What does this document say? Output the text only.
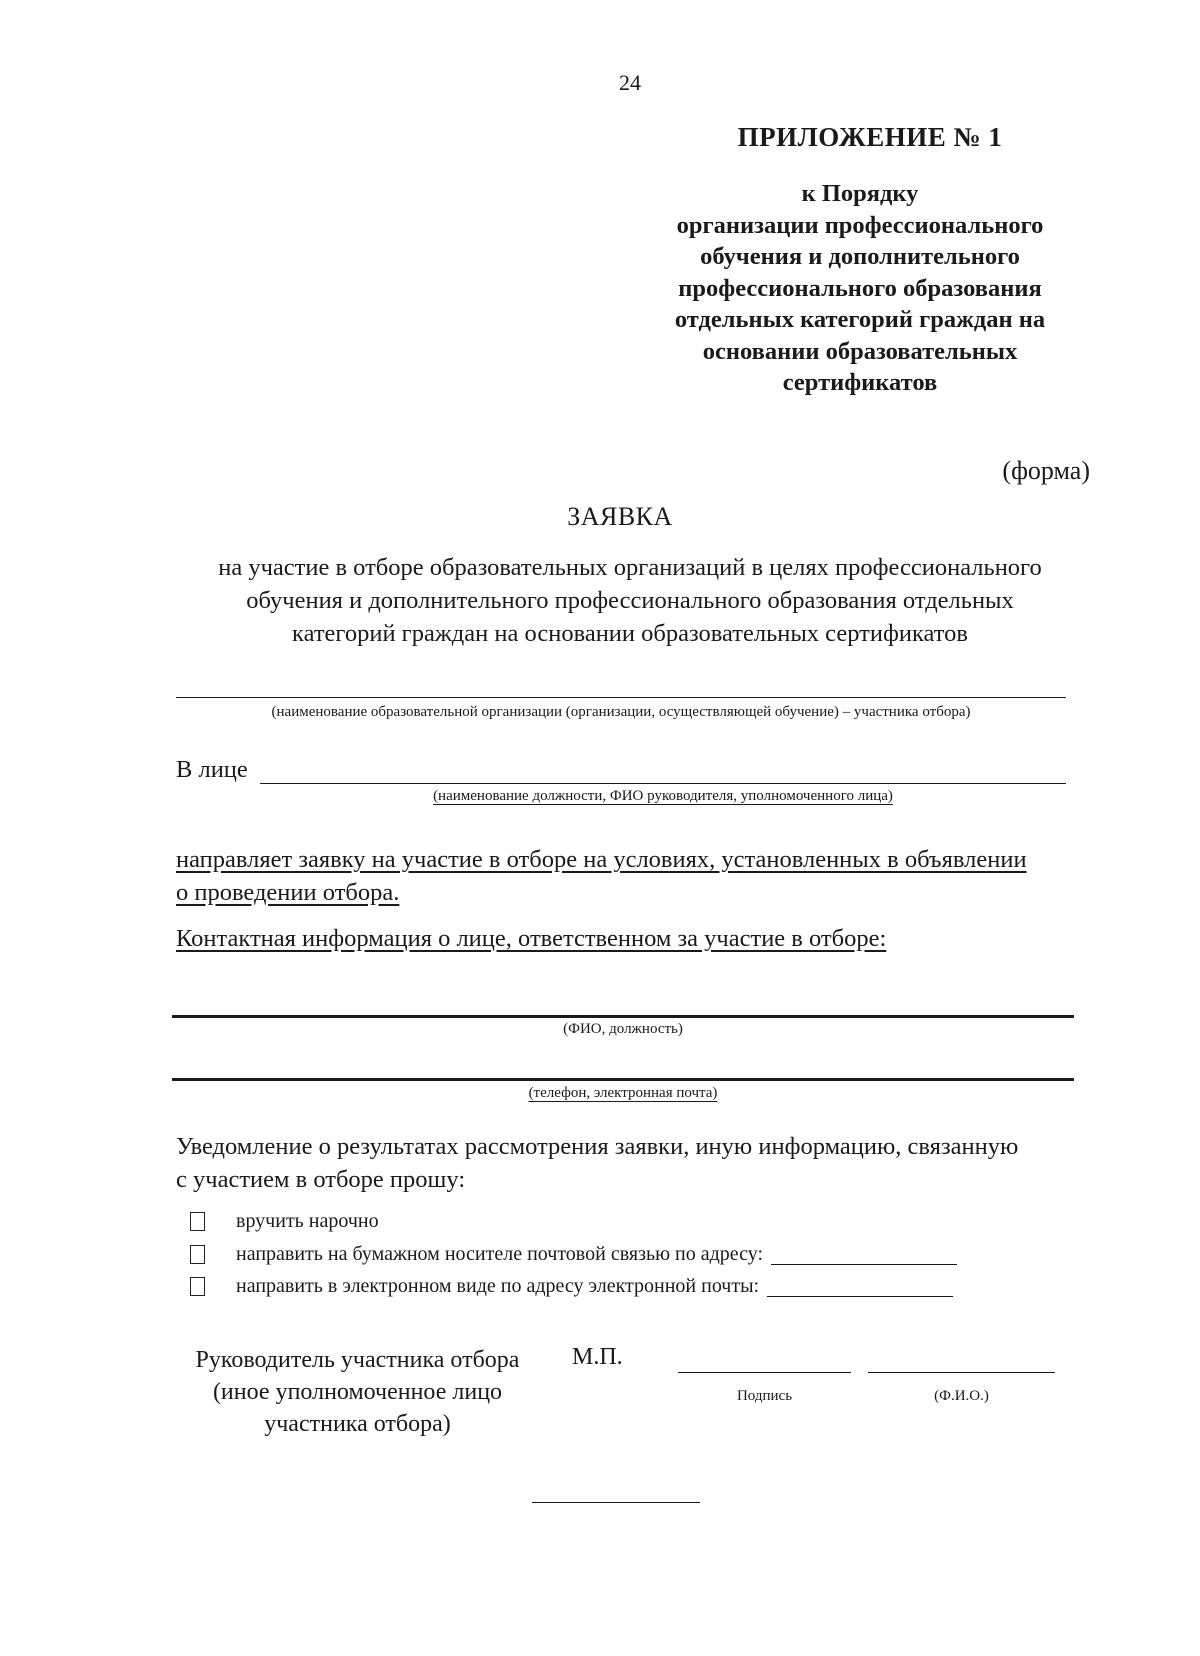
24
ПРИЛОЖЕНИЕ № 1
к Порядку
организации профессионального
обучения и дополнительного
профессионального образования
отдельных категорий граждан на
основании образовательных
сертификатов
(форма)
ЗАЯВКА
на участие в отборе образовательных организаций в целях профессионального
обучения и дополнительного профессионального образования отдельных
категорий граждан на основании образовательных сертификатов
(наименование образовательной организации (организации, осуществляющей обучение) – участника отбора)
В лице
(наименование должности, ФИО руководителя, уполномоченного лица)
направляет заявку на участие в отборе на условиях, установленных в объявлении
о проведении отбора.
Контактная информация о лице, ответственном за участие в отборе:
(ФИО, должность)
(телефон, электронная почта)
Уведомление о результатах рассмотрения заявки, иную информацию, связанную
с участием в отборе прошу:
вручить нарочно
направить на бумажном носителе почтовой связью по адресу:
направить в электронном виде по адресу электронной почты:
Руководитель участника отбора
(иное уполномоченное лицо
участника отбора)
М.П.
Подпись	(Ф.И.О.)
